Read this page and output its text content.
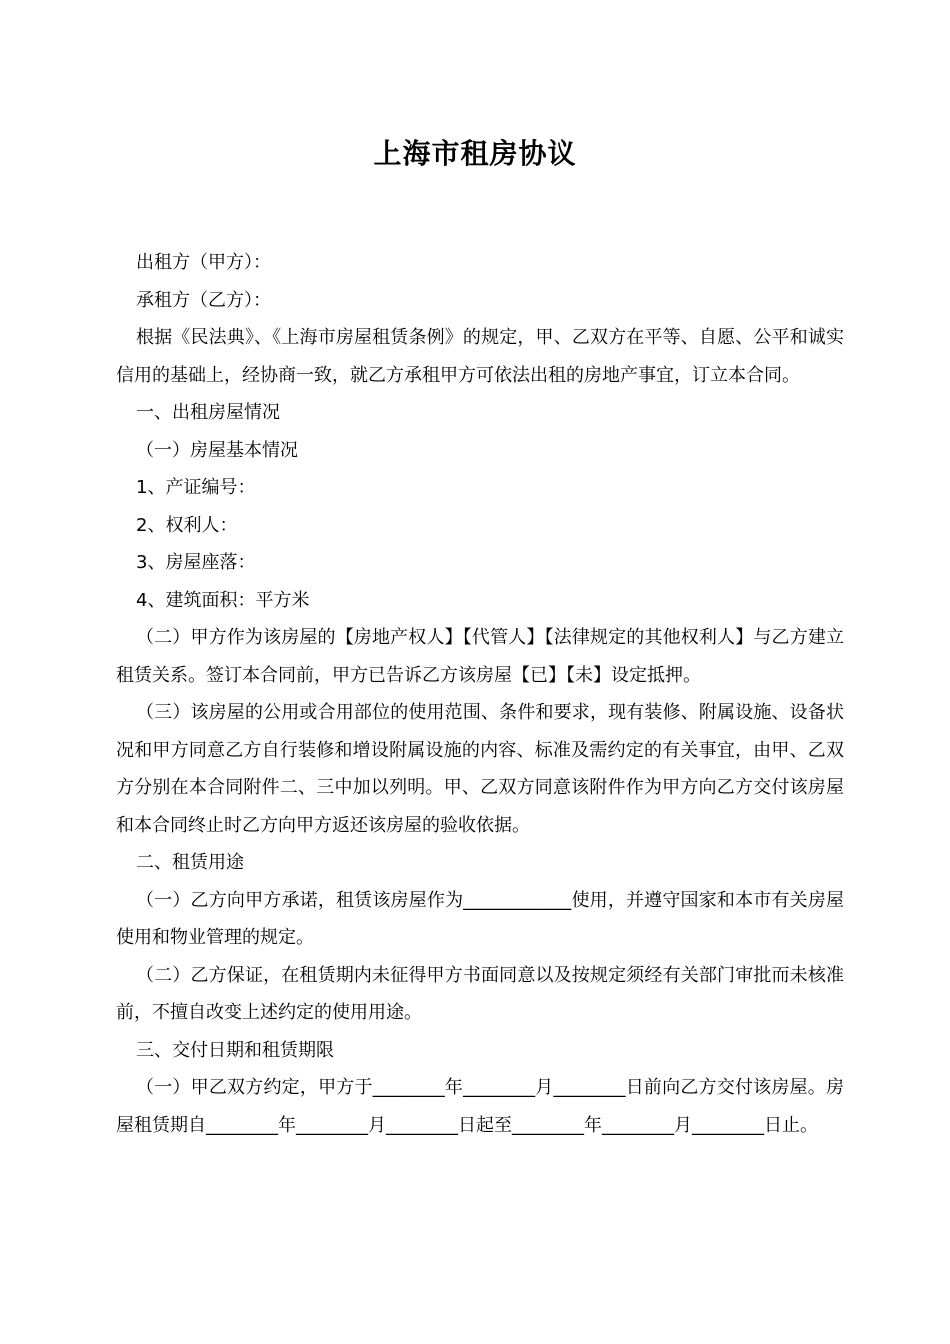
上海市租房协议

出租方（甲方）：

承租方（乙方）：

根据《民法典》、《上海市房屋租赁条例》的规定，甲、乙双方在平等、自愿、公平和诚实信用的基础上，经协商一致，就乙方承租甲方可依法出租的房地产事宜，订立本合同。

一、出租房屋情况

（一）房屋基本情况

1、产证编号：

2、权利人：

3、房屋座落：

4、建筑面积：平方米

（二）甲方作为该房屋的【房地产权人】【代管人】【法律规定的其他权利人】与乙方建立租赁关系。签订本合同前，甲方已告诉乙方该房屋【已】【未】设定抵押。

（三）该房屋的公用或合用部位的使用范围、条件和要求，现有装修、附属设施、设备状况和甲方同意乙方自行装修和增设附属设施的内容、标准及需约定的有关事宜，由甲、乙双方分别在本合同附件二、三中加以列明。甲、乙双方同意该附件作为甲方向乙方交付该房屋和本合同终止时乙方向甲方返还该房屋的验收依据。

二、租赁用途

（一）乙方向甲方承诺，租赁该房屋作为____________使用，并遵守国家和本市有关房屋使用和物业管理的规定。

（二）乙方保证，在租赁期内未征得甲方书面同意以及按规定须经有关部门审批而未核准前，不擅自改变上述约定的使用用途。

三、交付日期和租赁期限

（一）甲乙双方约定，甲方于________年________月________日前向乙方交付该房屋。房屋租赁期自________年________月________日起至________年________月________日止。
